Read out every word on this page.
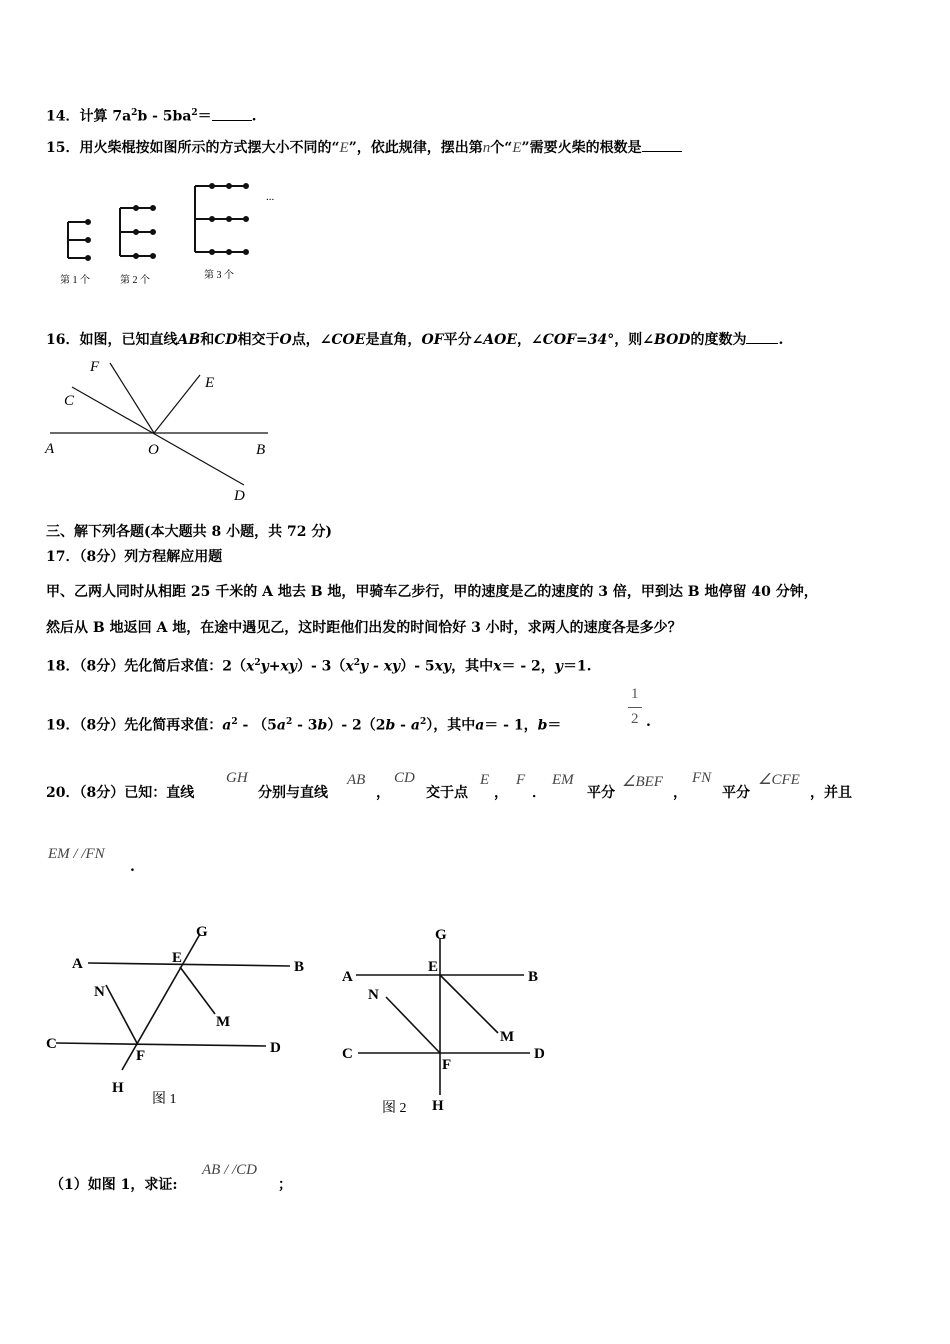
14．计算 $7a^2b - 5ba^2=$	.
15．用火柴棍按如图所示的方式摆大小不同的“E”，依此规律，摆出第n个“E”需要火柴的根数是
...
第 1 个	第 2 个	第 3 个
16．如图，已知直线AB和CD相交于O点，∠COE是直角，OF平分∠AOE，∠COF=34°，则∠BOD的度数为 .
F
E
C
A	O	B
D
三、解下列各题(本大题共 8 小题，共 72 分)
17．（8分）列方程解应用题
甲、乙两人同时从相距 25 千米的 A 地去 B 地，甲骑车乙步行，甲的速度是乙的速度的 3 倍，甲到达 B 地停留 40 分钟，
然后从 B 地返回 A 地，在途中遇见乙，这时距他们出发的时间恰好 3 小时，求两人的速度各是多少？
18．（8分）先化简后求值：$2(x^2y+xy)-$ $3(x^2y - xy)-$ 5xy，其中x＝ - 2，y＝1.
19．（8分）先化简再求值：$a^2 - (5a^2 - 3b)-$ $2(2b - a^2)$，其中a＝ - 1，b＝
1
2 .
20．（8分）已知：直线
GH
分别与直线
AB
，
CD
交于点
E
，
F
．
EM
平分
∠BEF
，
FN
平分
∠CFE
，并且
EM / /FN
.
A	B
C	D
E
F
G
H
M
N
图 1
A	B
C	D
E
F
G
H
M
N
图 2
（1）如图 1，求证:
AB / /CD
；
